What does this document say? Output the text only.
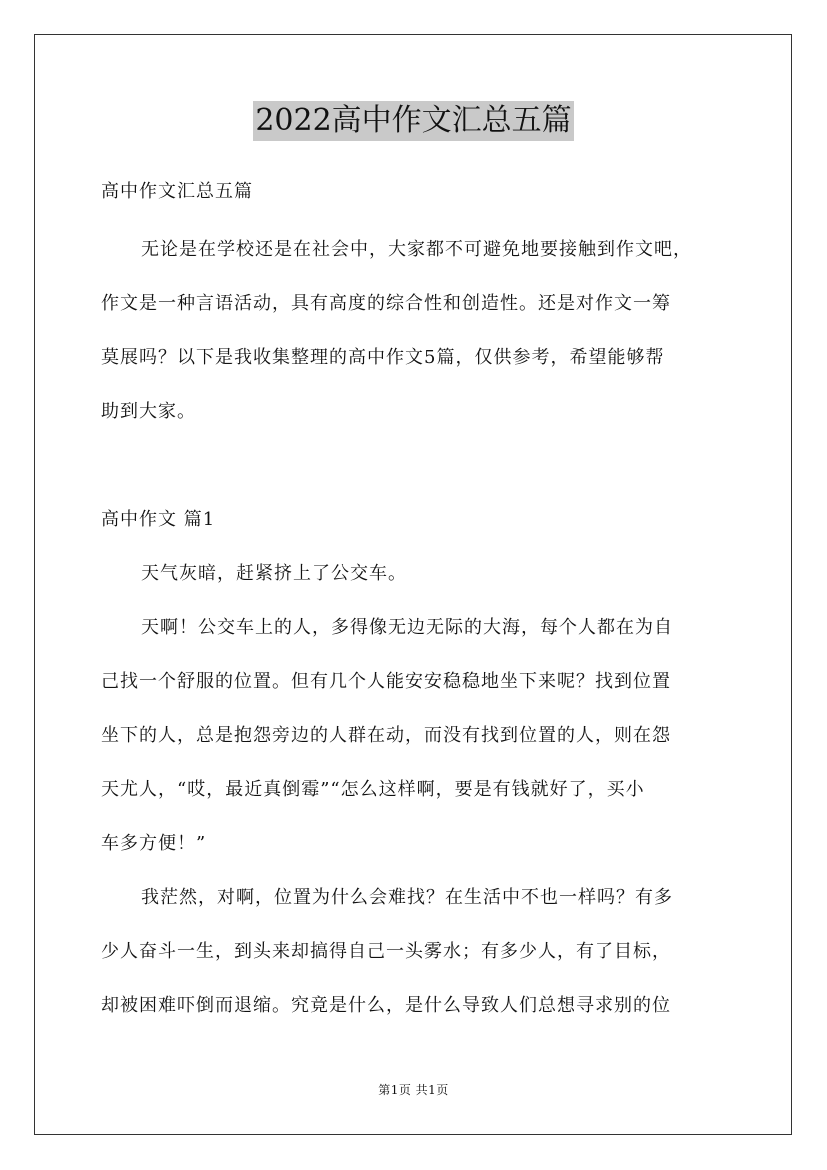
2022高中作文汇总五篇
高中作文汇总五篇
无论是在学校还是在社会中，大家都不可避免地要接触到作文吧，
作文是一种言语活动，具有高度的综合性和创造性。还是对作文一筹
莫展吗？以下是我收集整理的高中作文5篇，仅供参考，希望能够帮
助到大家。
高中作文 篇1
天气灰暗，赶紧挤上了公交车。
天啊！公交车上的人，多得像无边无际的大海，每个人都在为自
己找一个舒服的位置。但有几个人能安安稳稳地坐下来呢？找到位置
坐下的人，总是抱怨旁边的人群在动，而没有找到位置的人，则在怨
天尤人，“哎，最近真倒霉”“怎么这样啊，要是有钱就好了，买小
车多方便！”
我茫然，对啊，位置为什么会难找？在生活中不也一样吗？有多
少人奋斗一生，到头来却搞得自己一头雾水；有多少人，有了目标，
却被困难吓倒而退缩。究竟是什么，是什么导致人们总想寻求别的位
第1页 共1页
